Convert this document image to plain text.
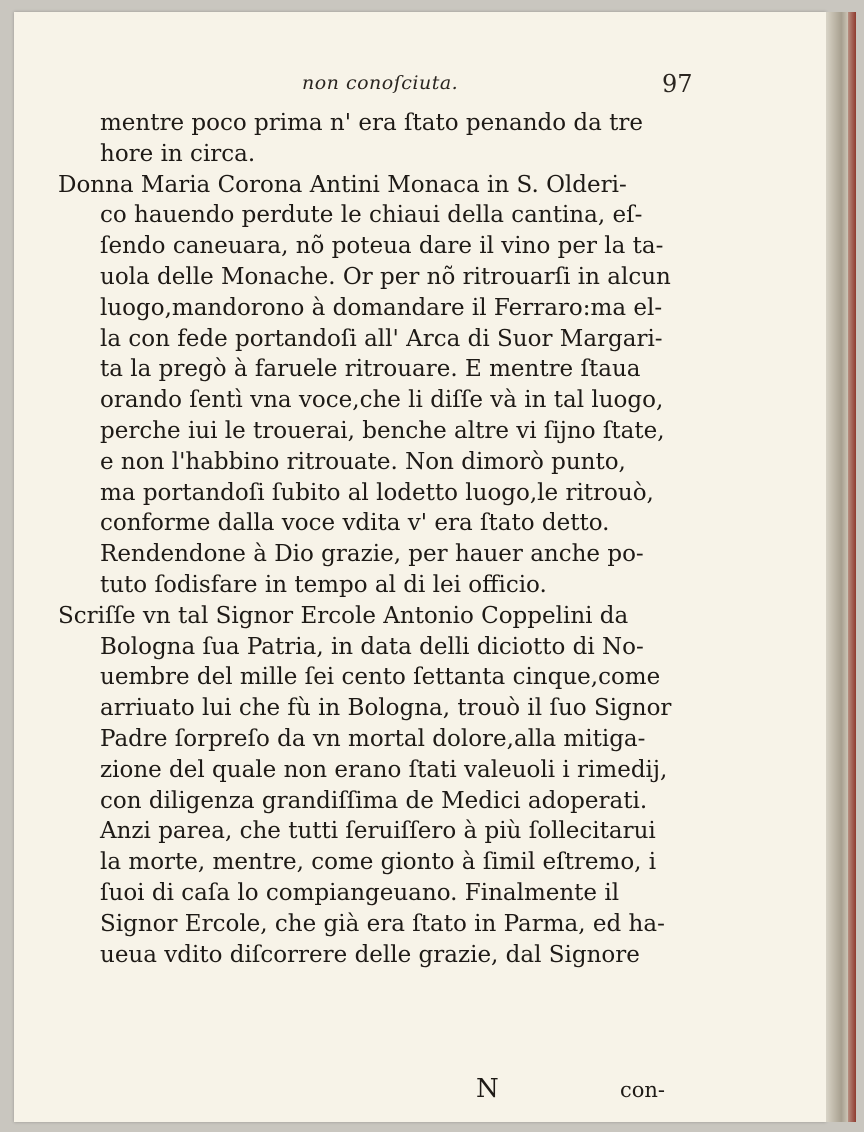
non conoſciuta.	97
mentre poco prima n' era ſtato penando da tre
hore in circa.
Donna Maria Corona Antini Monaca in S. Olderi-
co hauendo perdute le chiaui della cantina, eſ-
ſendo caneuara, nõ poteua dare il vino per la ta-
uola delle Monache. Or per nõ ritrouarſi in alcun
luogo,mandorono à domandare il Ferraro:ma el-
la con fede portandoſi all' Arca di Suor Margari-
ta la pregò à faruele ritrouare. E mentre ſtaua
orando ſentì vna voce,che li diſſe và in tal luogo,
perche iui le trouerai, benche altre vi ſijno ſtate,
e non l'habbino ritrouate. Non dimorò punto,
ma portandoſi ſubito al lodetto luogo,le ritrouò,
conforme dalla voce vdita v' era ſtato detto.
Rendendone à Dio grazie, per hauer anche po-
tuto ſodisfare in tempo al di lei officio.
Scriſſe vn tal Signor Ercole Antonio Coppelini da
Bologna ſua Patria, in data delli diciotto di No-
uembre del mille ſei cento ſettanta cinque,come
arriuato lui che fù in Bologna, trouò il ſuo Signor
Padre ſorpreſo da vn mortal dolore,alla mitiga-
zione del quale non erano ſtati valeuoli i rimedij,
con diligenza grandiſſima de Medici adoperati.
Anzi parea, che tutti ſeruiſſero à più ſollecitarui
la morte, mentre, come gionto à ſimil eſtremo, i
ſuoi di caſa lo compiangeuano. Finalmente il
Signor Ercole, che già era ſtato in Parma, ed ha-
ueua vdito diſcorrere delle grazie, dal Signore
N	con-
